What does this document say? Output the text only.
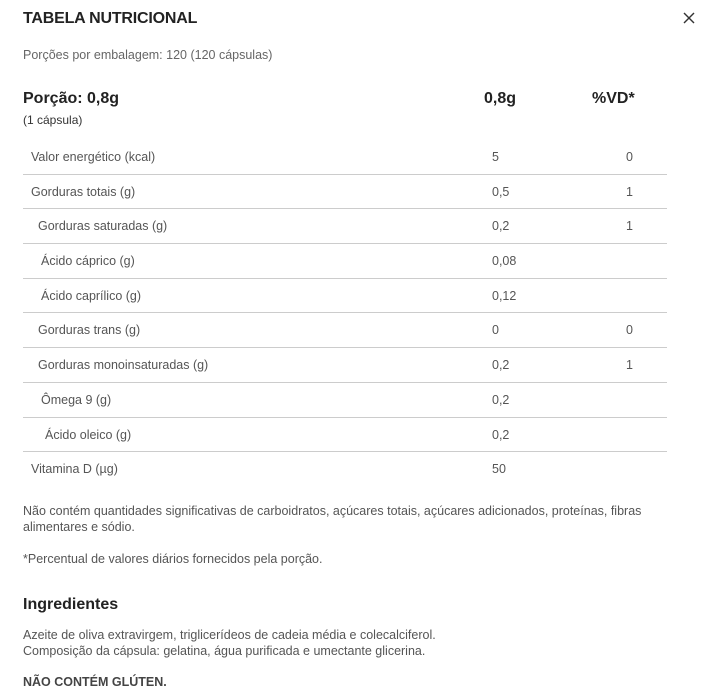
TABELA NUTRICIONAL
Porções por embalagem: 120 (120 cápsulas)
Porção: 0,8g
(1 cápsula)
0,8g	%VD*
Valor energético (kcal)	5	0
Gorduras totais (g)	0,5	1
Gorduras saturadas (g)	0,2	1
Ácido cáprico (g)	0,08
Ácido caprílico (g)	0,12
Gorduras trans (g)	0	0
Gorduras monoinsaturadas (g)	0,2	1
Ômega 9 (g)	0,2
Ácido oleico (g)	0,2
Vitamina D (µg)	50
Não contém quantidades significativas de carboidratos, açúcares totais, açúcares adicionados, proteínas, fibras alimentares e sódio.
*Percentual de valores diários fornecidos pela porção.
Ingredientes
Azeite de oliva extravirgem, triglicerídeos de cadeia média e colecalciferol.
Composição da cápsula: gelatina, água purificada e umectante glicerina.
NÃO CONTÉM GLÚTEN.
